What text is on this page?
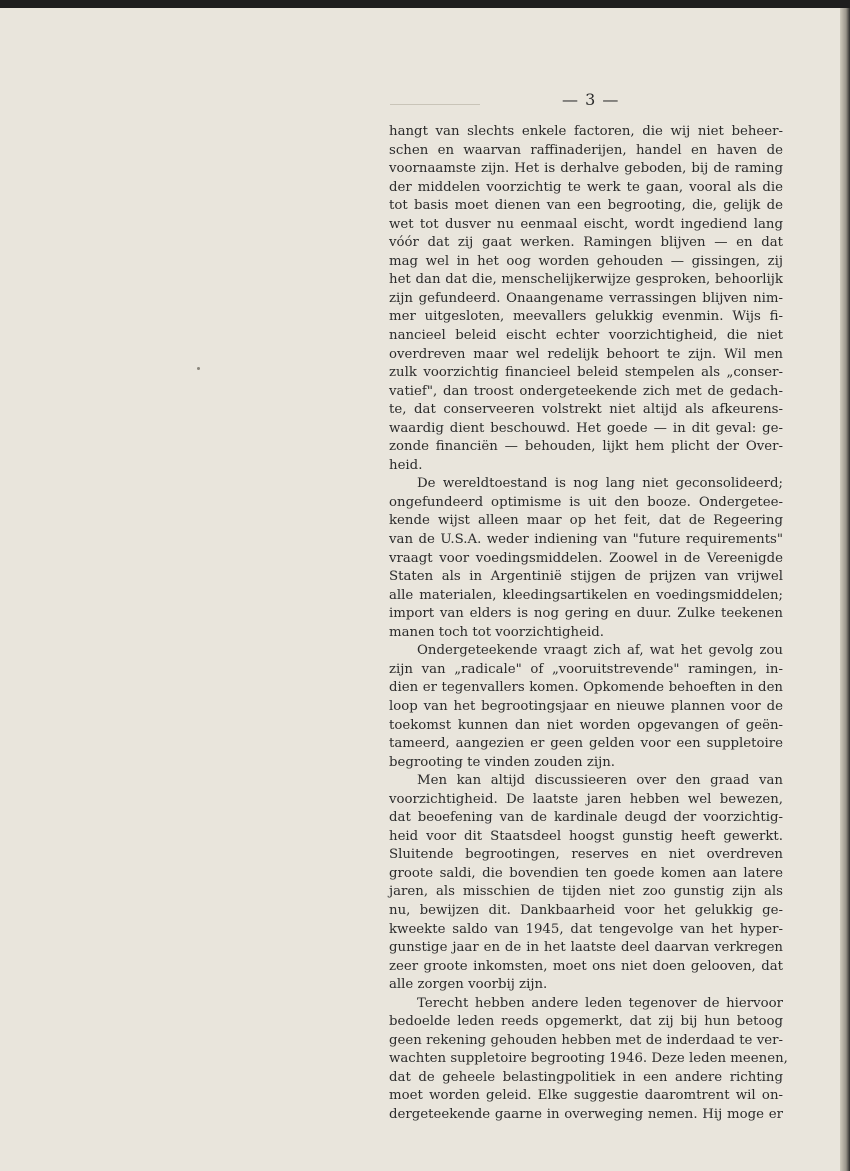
— 3 —
hangt van slechts enkele factoren, die wij niet beheer-
schen en waarvan raffinaderijen, handel en haven de
voornaamste zijn. Het is derhalve geboden, bij de raming
der middelen voorzichtig te werk te gaan, vooral als die
tot basis moet dienen van een begrooting, die, gelijk de
wet tot dusver nu eenmaal eischt, wordt ingediend lang
vóór dat zij gaat werken. Ramingen blijven — en dat
mag wel in het oog worden gehouden — gissingen, zij
het dan dat die, menschelijkerwijze gesproken, behoorlijk
zijn gefundeerd. Onaangename verrassingen blijven nim-
mer uitgesloten, meevallers gelukkig evenmin. Wijs fi-
nancieel beleid eischt echter voorzichtigheid, die niet
overdreven maar wel redelijk behoort te zijn. Wil men
zulk voorzichtig financieel beleid stempelen als „conser-
vatief", dan troost ondergeteekende zich met de gedach-
te, dat conserveeren volstrekt niet altijd als afkeurens-
waardig dient beschouwd. Het goede — in dit geval: ge-
zonde financiën — behouden, lijkt hem plicht der Over-
heid.
De wereldtoestand is nog lang niet geconsolideerd;
ongefundeerd optimisme is uit den booze. Ondergetee-
kende wijst alleen maar op het feit, dat de Regeering
van de U.S.A. weder indiening van "future requirements"
vraagt voor voedingsmiddelen. Zoowel in de Vereenigde
Staten als in Argentinië stijgen de prijzen van vrijwel
alle materialen, kleedingsartikelen en voedingsmiddelen;
import van elders is nog gering en duur. Zulke teekenen
manen toch tot voorzichtigheid.
Ondergeteekende vraagt zich af, wat het gevolg zou
zijn van „radicale" of „vooruitstrevende" ramingen, in-
dien er tegenvallers komen. Opkomende behoeften in den
loop van het begrootingsjaar en nieuwe plannen voor de
toekomst kunnen dan niet worden opgevangen of geën-
tameerd, aangezien er geen gelden voor een suppletoire
begrooting te vinden zouden zijn.
Men kan altijd discussieeren over den graad van
voorzichtigheid. De laatste jaren hebben wel bewezen,
dat beoefening van de kardinale deugd der voorzichtig-
heid voor dit Staatsdeel hoogst gunstig heeft gewerkt.
Sluitende begrootingen, reserves en niet overdreven
groote saldi, die bovendien ten goede komen aan latere
jaren, als misschien de tijden niet zoo gunstig zijn als
nu, bewijzen dit. Dankbaarheid voor het gelukkig ge-
kweekte saldo van 1945, dat tengevolge van het hyper-
gunstige jaar en de in het laatste deel daarvan verkregen
zeer groote inkomsten, moet ons niet doen gelooven, dat
alle zorgen voorbij zijn.
Terecht hebben andere leden tegenover de hiervoor
bedoelde leden reeds opgemerkt, dat zij bij hun betoog
geen rekening gehouden hebben met de inderdaad te ver-
wachten suppletoire begrooting 1946. Deze leden meenen,
dat de geheele belastingpolitiek in een andere richting
moet worden geleid. Elke suggestie daaromtrent wil on-
dergeteekende gaarne in overweging nemen. Hij moge er
